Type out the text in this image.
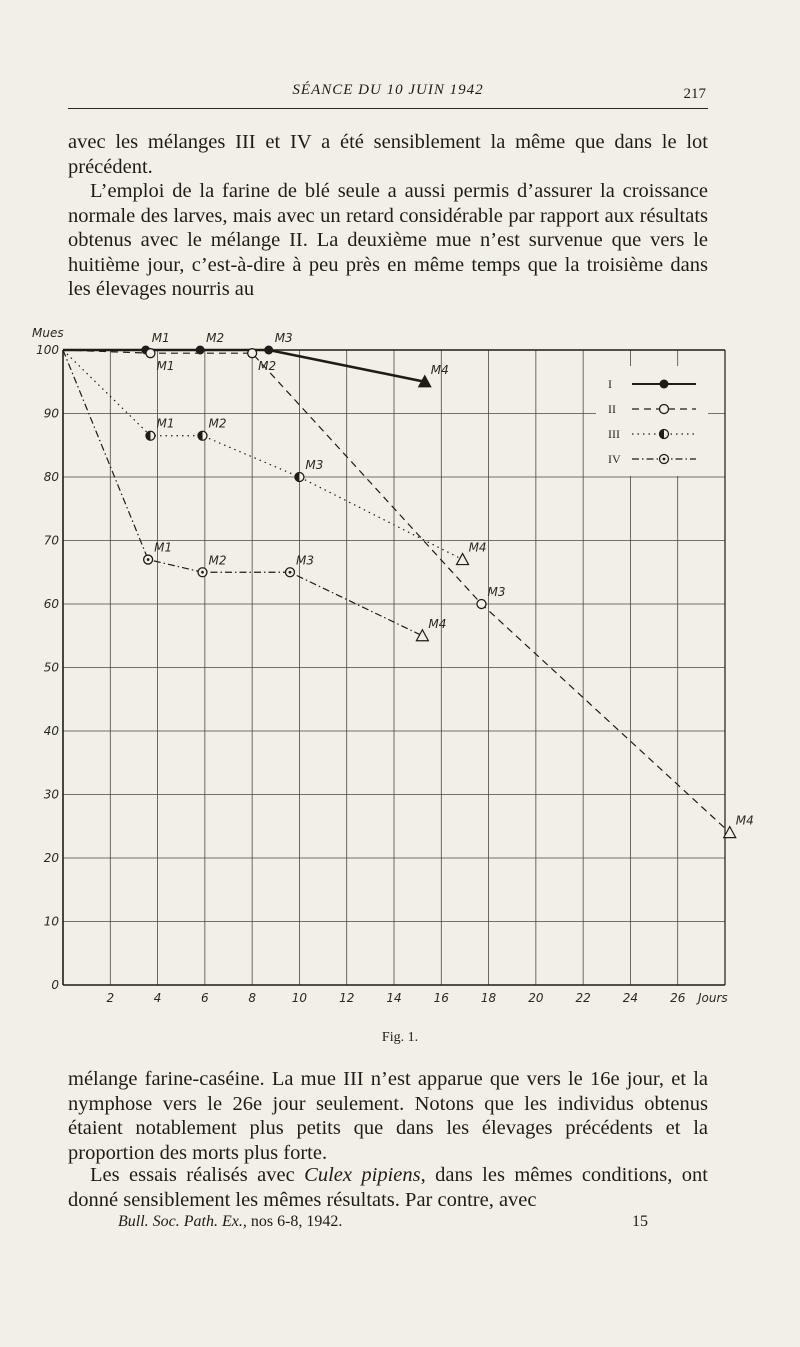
SÉANCE DU 10 JUIN 1942	217

avec les mélanges III et IV a été sensiblement la même que dans le lot précédent.

L’emploi de la farine de blé seule a aussi permis d’assurer la croissance normale des larves, mais avec un retard considérable par rapport aux résultats obtenus avec le mélange II. La deuxième mue n’est survenue que vers le huitième jour, c’est-à-dire à peu près en même temps que la troisième dans les élevages nourris au

2	4	6	8	10	12	14	16	18	20	22	24	26
0
10
20
30
40
50
60
70
80
90
100
Mues
Jours
M1	M2	M3
M4
M1	M2
M3
M4
M1	M2
M3
M4
M1
M2	M3
M4
I
II
III
IV
Fig. 1.

mélange farine-caséine. La mue III n’est apparue que vers le 16e jour, et la nymphose vers le 26e jour seulement. Notons que les individus obtenus étaient notablement plus petits que dans les élevages précédents et la proportion des morts plus forte.

Les essais réalisés avec Culex pipiens, dans les mêmes conditions, ont donné sensiblement les mêmes résultats. Par contre, avec

Bull. Soc. Path. Ex., nos 6-8, 1942.	15
